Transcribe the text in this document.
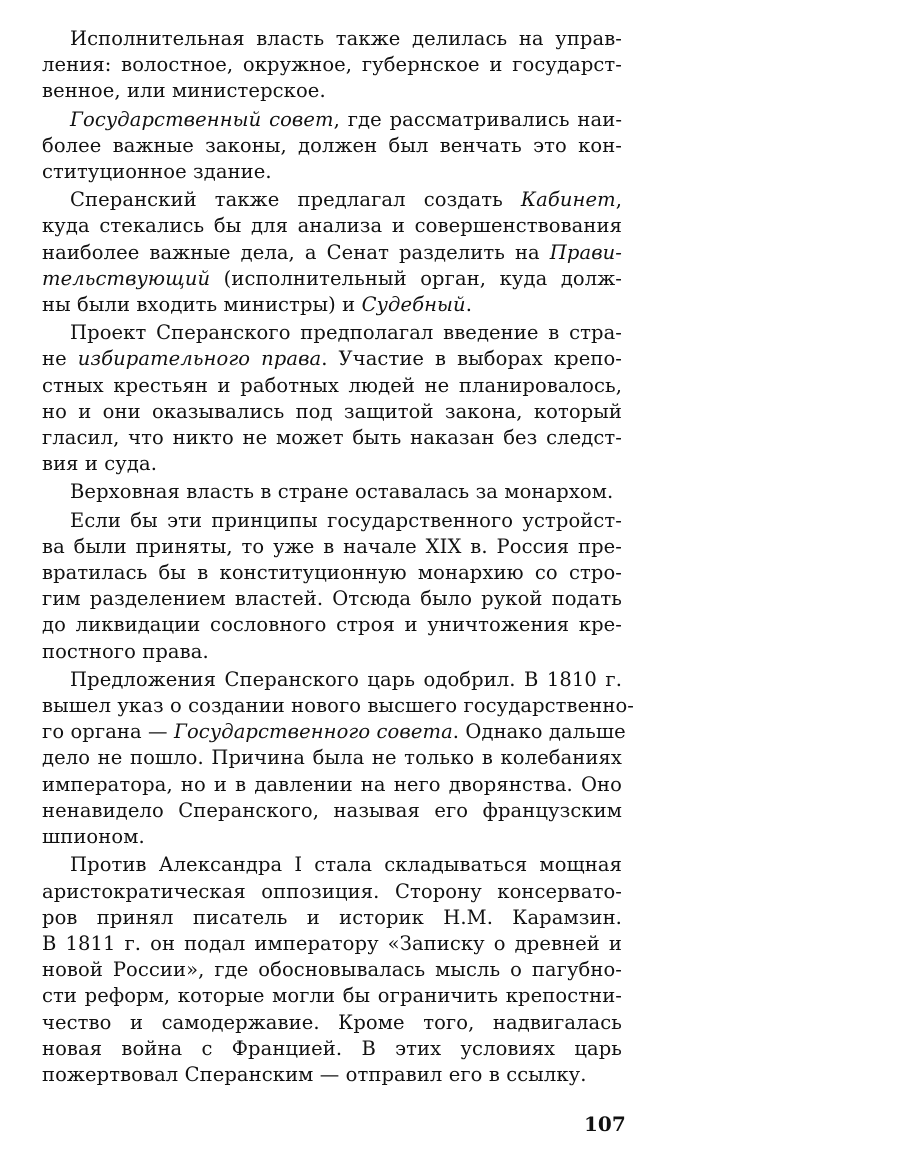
Исполнительная власть также делилась на управ-
ления: волостное, окружное, губернское и государст-
венное, или министерское.
Государственный совет, где рассматривались наи-
более важные законы, должен был венчать это кон-
ституционное здание.
Сперанский также предлагал создать Кабинет,
куда стекались бы для анализа и совершенствования
наиболее важные дела, а Сенат разделить на Прави-
тельствующий (исполнительный орган, куда долж-
ны были входить министры) и Судебный.
Проект Сперанского предполагал введение в стра-
не избирательного права. Участие в выборах крепо-
стных крестьян и работных людей не планировалось,
но и они оказывались под защитой закона, который
гласил, что никто не может быть наказан без следст-
вия и суда.
Верховная власть в стране оставалась за монархом.
Если бы эти принципы государственного устройст-
ва были приняты, то уже в начале XIX в. Россия пре-
вратилась бы в конституционную монархию со стро-
гим разделением властей. Отсюда было рукой подать
до ликвидации сословного строя и уничтожения кре-
постного права.
Предложения Сперанского царь одобрил. В 1810 г.
вышел указ о создании нового высшего государственно-
го органа — Государственного совета. Однако дальше
дело не пошло. Причина была не только в колебаниях
императора, но и в давлении на него дворянства. Оно
ненавидело Сперанского, называя его французским
шпионом.
Против Александра I стала складываться мощная
аристократическая оппозиция. Сторону консервато-
ров принял писатель и историк Н.М. Карамзин.
В 1811 г. он подал императору «Записку о древней и
новой России», где обосновывалась мысль о пагубно-
сти реформ, которые могли бы ограничить крепостни-
чество и самодержавие. Кроме того, надвигалась
новая война с Францией. В этих условиях царь
пожертвовал Сперанским — отправил его в ссылку.
107
